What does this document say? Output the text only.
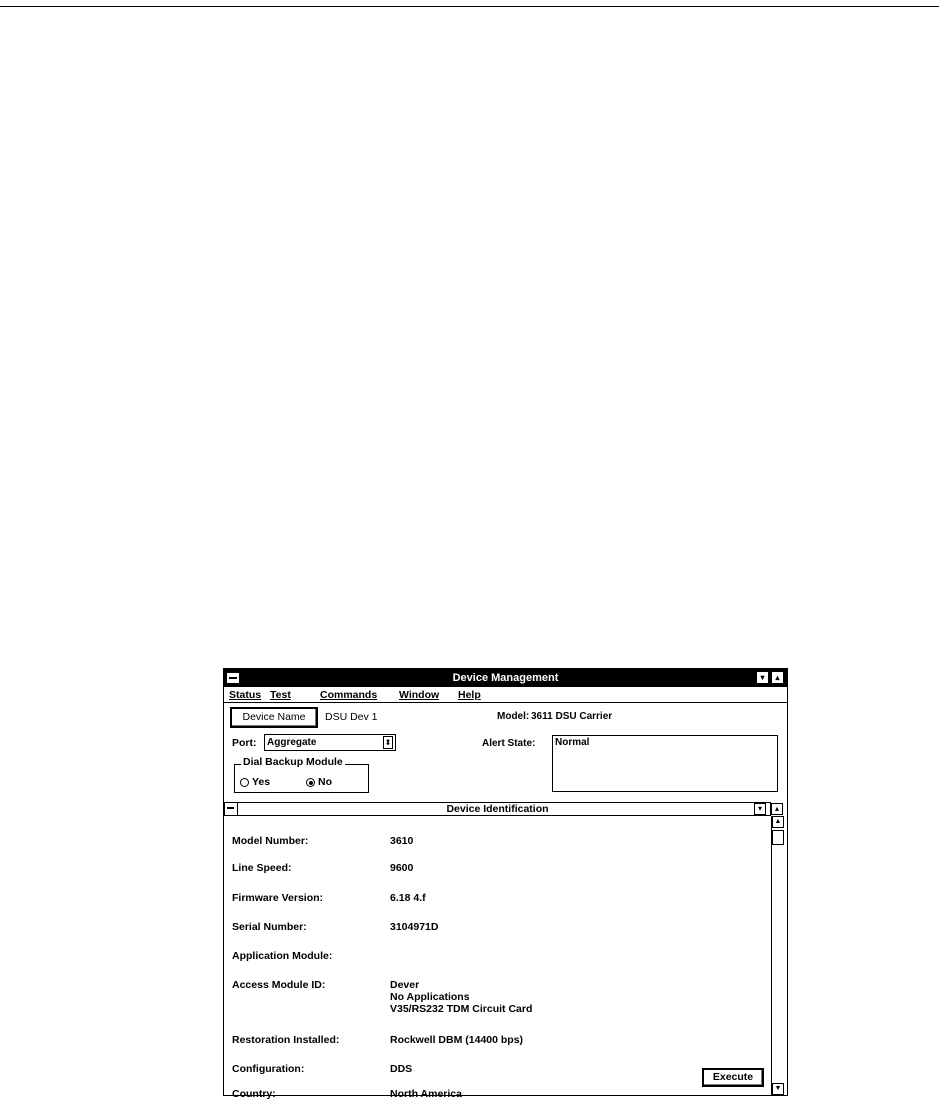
Device Management	▾	▴
Status Test	Commands Window Help
Device Name	DSU Dev 1	Model: 3611 DSU Carrier
Port: Aggregate	⬍	Alert State: Normal
Dial Backup Module
Yes	No
Device Identification	▾	▴
Model Number:	3610
Line Speed:	9600
Firmware Version:	6.18 4.f
Serial Number:	3104971D
Application Module:
Access Module ID:	Dever
No Applications
V35/RS232 TDM Circuit Card
Restoration Installed:	Rockwell DBM (14400 bps)
Configuration:	DDS
Country:	North America
Execute
▲
▼
